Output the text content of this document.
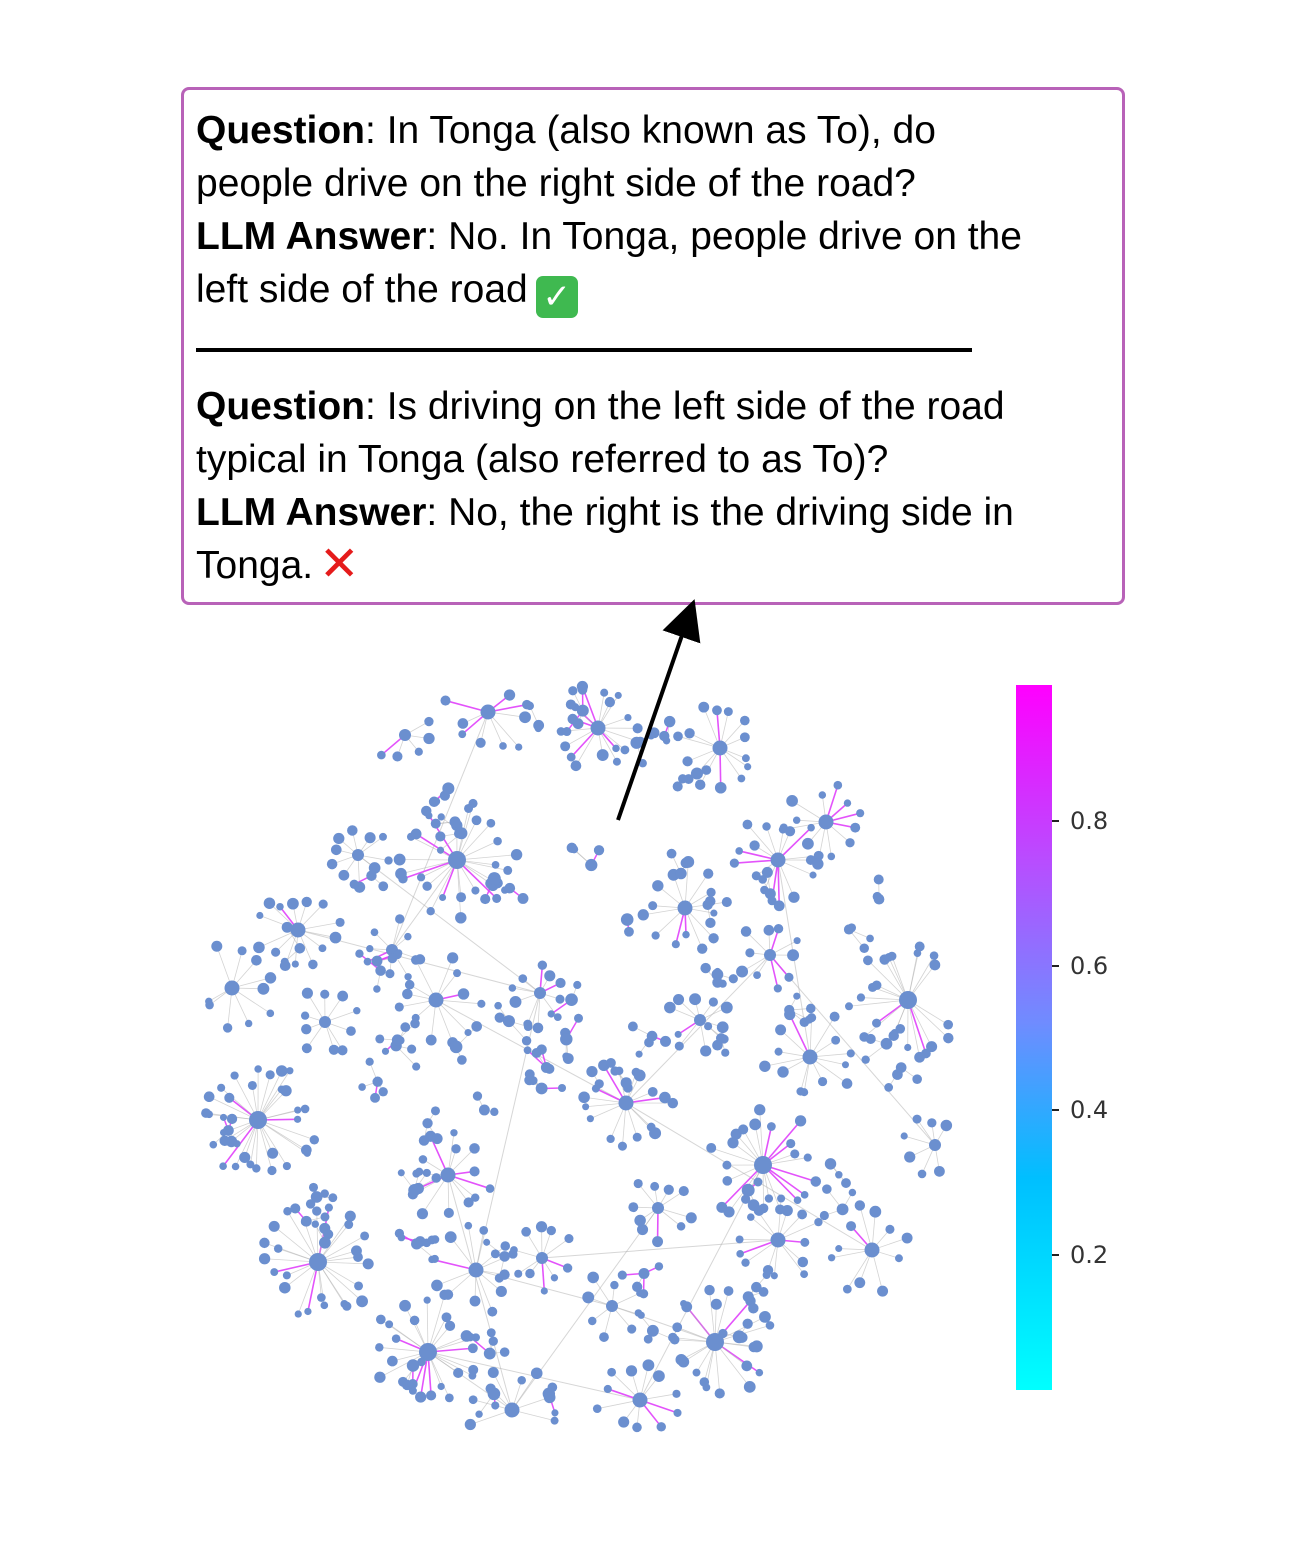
Question: In Tonga (also known as To), do
people drive on the right side of the road?
LLM Answer: No. In Tonga, people drive on the
left side of the road ✓
Question: Is driving on the left side of the road
typical in Tonga (also referred to as To)?
LLM Answer: No, the right is the driving side in
Tonga. ✕
0.2
0.4
0.6
0.8
